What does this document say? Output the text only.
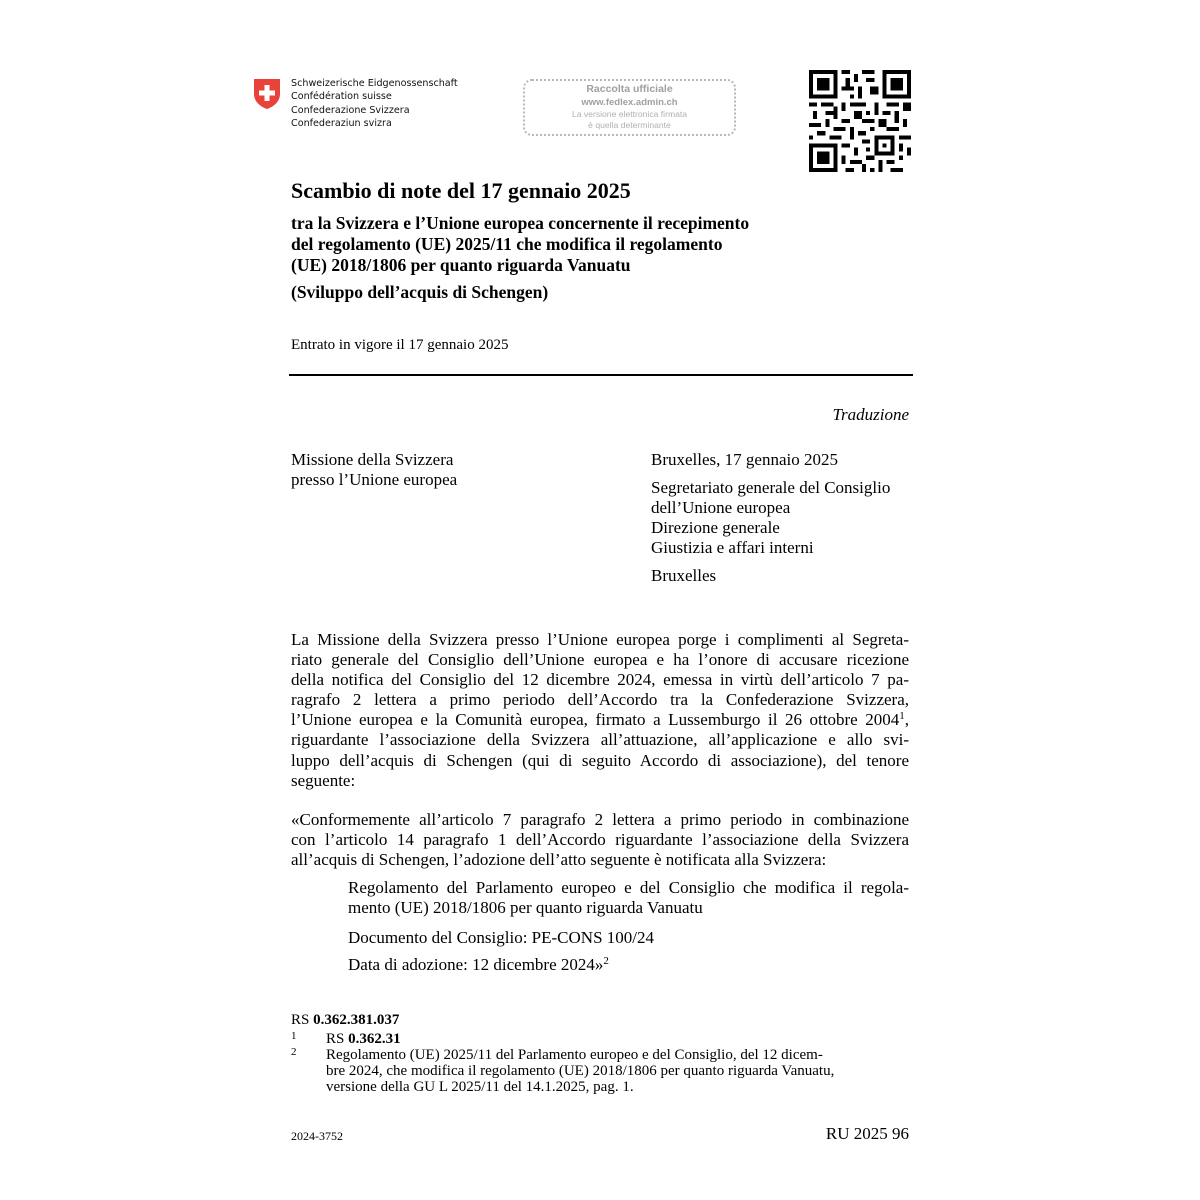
Schweizerische Eidgenossenschaft
Confédération suisse
Confederazione Svizzera
Confederaziun svizra
Raccolta ufficiale
www.fedlex.admin.ch
La versione elettronica firmata
è quella determinante
Scambio di note del 17 gennaio 2025
tra la Svizzera e l’Unione europea concernente il recepimento
del regolamento (UE) 2025/11 che modifica il regolamento
(UE) 2018/1806 per quanto riguarda Vanuatu
(Sviluppo dell’acquis di Schengen)
Entrato in vigore il 17 gennaio 2025
Traduzione
Missione della Svizzera
presso l’Unione europea
Bruxelles, 17 gennaio 2025
Segretariato generale del Consiglio
dell’Unione europea
Direzione generale
Giustizia e affari interni
Bruxelles
La Missione della Svizzera presso l’Unione europea porge i complimenti al Segreta-
riato generale del Consiglio dell’Unione europea e ha l’onore di accusare ricezione
della notifica del Consiglio del 12 dicembre 2024, emessa in virtù dell’articolo 7 pa-
ragrafo 2 lettera a primo periodo dell’Accordo tra la Confederazione Svizzera,
l’Unione europea e la Comunità europea, firmato a Lussemburgo il 26 ottobre 2004$^1$,
riguardante l’associazione della Svizzera all’attuazione, all’applicazione e allo svi-
luppo dell’acquis di Schengen (qui di seguito Accordo di associazione), del tenore
seguente:
«Conformemente all’articolo 7 paragrafo 2 lettera a primo periodo in combinazione
con l’articolo 14 paragrafo 1 dell’Accordo riguardante l’associazione della Svizzera
all’acquis di Schengen, l’adozione dell’atto seguente è notificata alla Svizzera:
Regolamento del Parlamento europeo e del Consiglio che modifica il regola-
mento (UE) 2018/1806 per quanto riguarda Vanuatu
Documento del Consiglio: PE-CONS 100/24
Data di adozione: 12 dicembre 2024»$^2$
RS 0.362.381.037
1 RS 0.362.31
2 Regolamento (UE) 2025/11 del Parlamento europeo e del Consiglio, del 12 dicem-
bre 2024, che modifica il regolamento (UE) 2018/1806 per quanto riguarda Vanuatu,
versione della GU L 2025/11 del 14.1.2025, pag. 1.
2024-3752	RU 2025 96
